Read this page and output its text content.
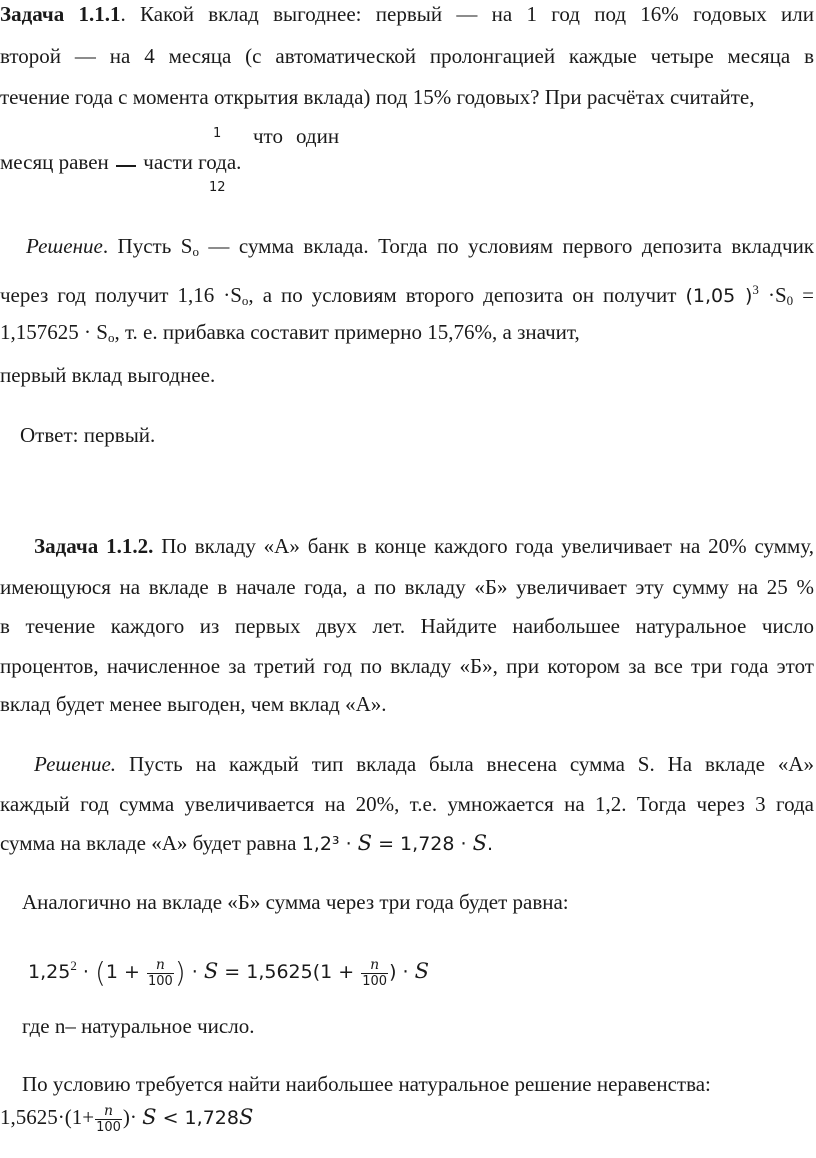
Задача 1.1.1. Какой вклад выгоднее: первый — на 1 год под 16% годовых или
второй — на 4 месяца (с автоматической пролонгацией каждые четыре месяца в
течение года с момента открытия вклада) под 15% годовых? При расчётах считайте,
1 что один
месяц равен части года.
12
Решение. Пусть $S_о$ — сумма вклада. Тогда по условиям первого депозита вкладчик
через год получит $1,16 \cdot S_о$, а по условиям второго депозита он получит (1,05 )$^3 \cdot S_0$ =
$1,157625 \cdot S_о$, т. е. прибавка составит примерно 15,76%, а значит,
первый вклад выгоднее.
Ответ: первый.
Задача 1.1.2. По вкладу «А» банк в конце каждого года увеличивает на 20% сумму,
имеющуюся на вкладе в начале года, а по вкладу «Б» увеличивает эту сумму на 25 %
в течение каждого из первых двух лет. Найдите наибольшее натуральное число
процентов, начисленное за третий год по вкладу «Б», при котором за все три года этот
вклад будет менее выгоден, чем вклад «А».
Решение. Пусть на каждый тип вклада была внесена сумма S. На вкладе «А»
каждый год сумма увеличивается на 20%, т.е. умножается на 1,2. Тогда через 3 года
сумма на вкладе «А» будет равна 1,2³ · S = 1,728 · S.
Аналогично на вкладе «Б» сумма через три года будет равна:
$1,25^2 \cdot (1 + \frac{n}{100}$ ) · $S = 1,5625(1 + \frac{n}{100}$ ) · S
где n– натуральное число.
По условию требуется найти наибольшее натуральное решение неравенства:
$1,5625\cdot(1+ \frac{n}{100}$ )· S < 1,728S
